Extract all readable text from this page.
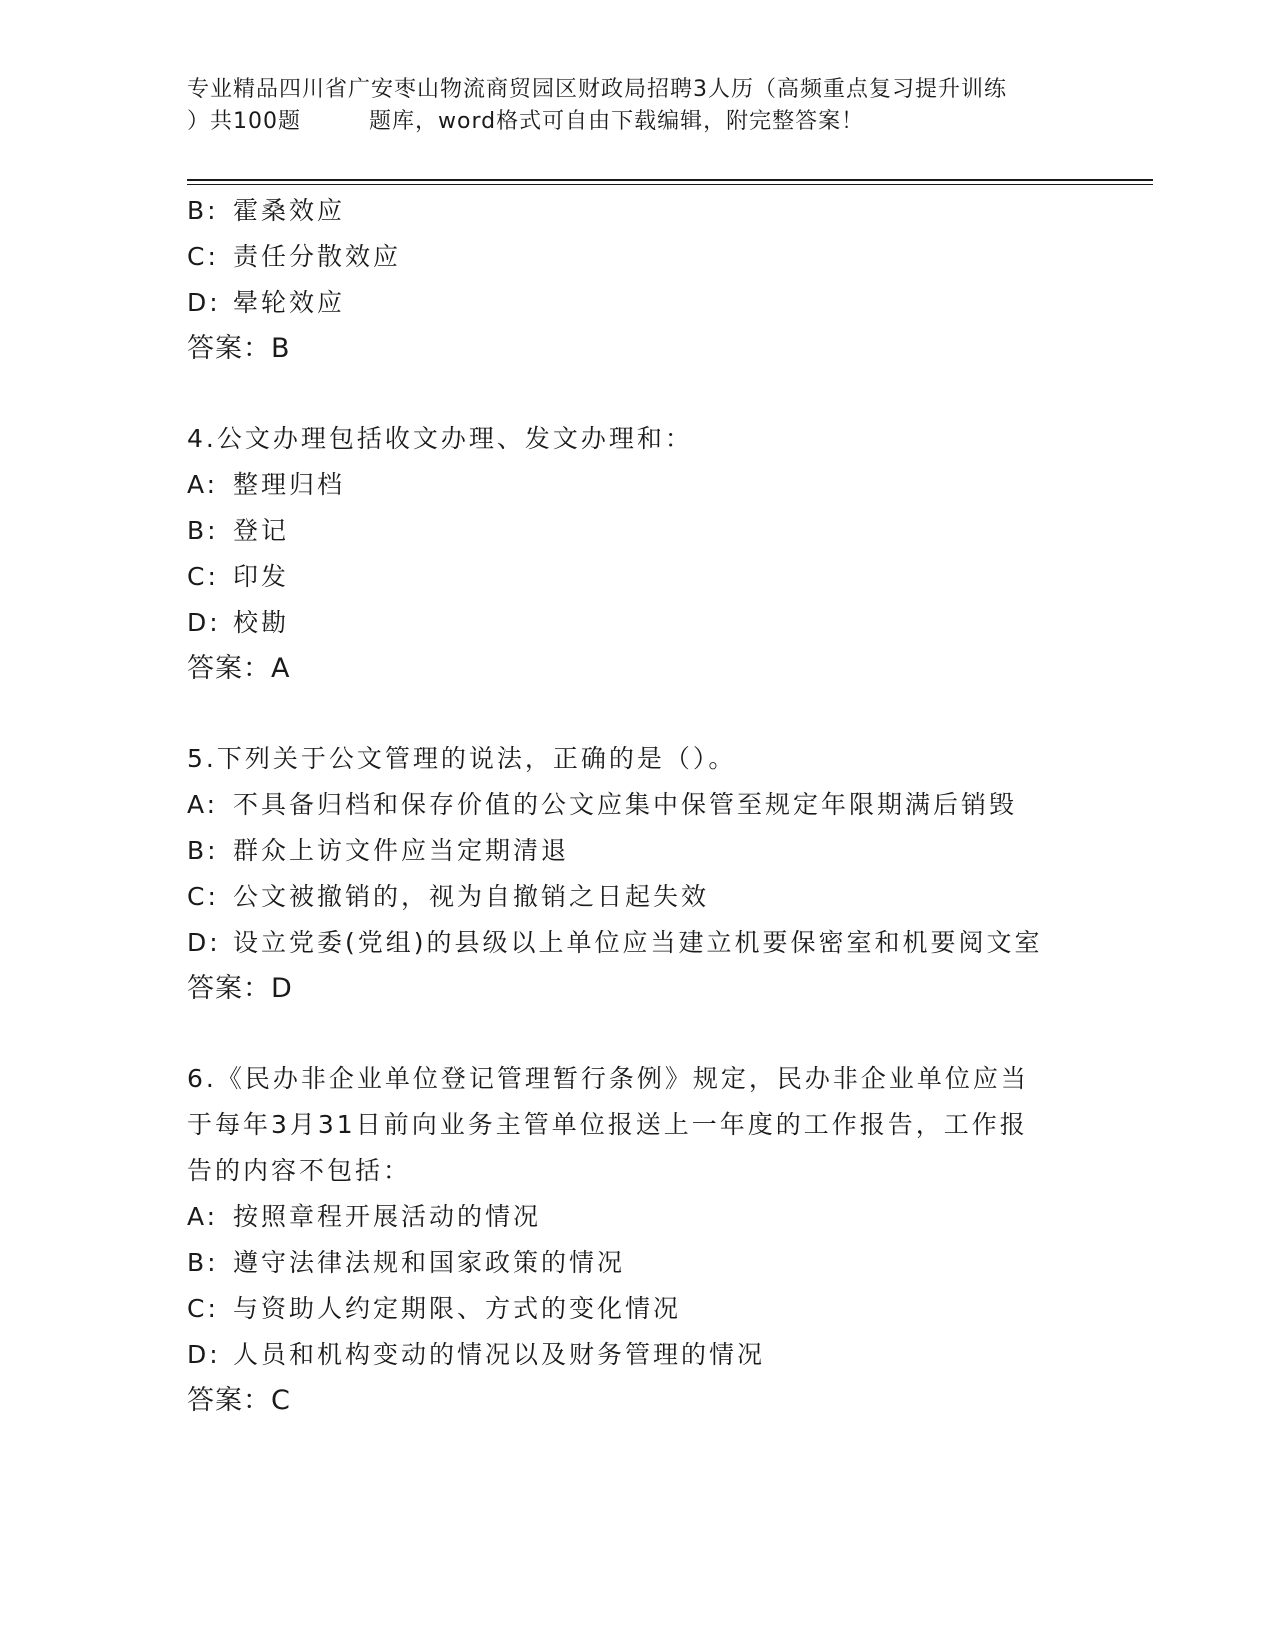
专业精品四川省广安枣山物流商贸园区财政局招聘3人历（高频重点复习提升训练
）共100题	题库，word格式可自由下载编辑，附完整答案！
B: 霍桑效应
C: 责任分散效应
D: 晕轮效应
答案：B
4.公文办理包括收文办理、发文办理和：
A: 整理归档
B: 登记
C: 印发
D: 校勘
答案：A
5.下列关于公文管理的说法，正确的是（）。
A: 不具备归档和保存价值的公文应集中保管至规定年限期满后销毁
B: 群众上访文件应当定期清退
C: 公文被撤销的，视为自撤销之日起失效
D: 设立党委(党组)的县级以上单位应当建立机要保密室和机要阅文室
答案：D
6.《民办非企业单位登记管理暂行条例》规定，民办非企业单位应当
于每年3月31日前向业务主管单位报送上一年度的工作报告，工作报
告的内容不包括：
A: 按照章程开展活动的情况
B: 遵守法律法规和国家政策的情况
C: 与资助人约定期限、方式的变化情况
D: 人员和机构变动的情况以及财务管理的情况
答案：C
